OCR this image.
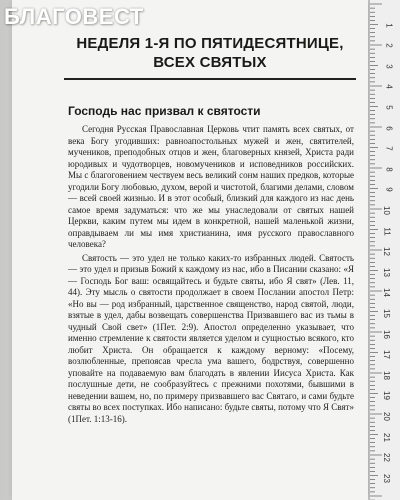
НЕДЕЛЯ 1-Я ПО ПЯТИДЕСЯТНИЦЕ,
ВСЕХ СВЯТЫХ
Господь нас призвал к святости

Сегодня Русская Православная Церковь чтит память всех святых, от века Богу угодивших: равноапостольных мужей и жен, святителей, мучеников, преподобных отцов и жен, благоверных князей, Христа ради юродивых и чудотворцев, новомучеников и исповедников российских. Мы с благоговением чествуем весь великий сонм наших предков, которые угодили Богу любовью, духом, верой и чистотой, благими делами, словом — всей своей жизнью. И в этот особый, близкий для каждого из нас день самое время задуматься: что же мы унаследовали от святых нашей Церкви, каким путем мы идем в конкретной, нашей маленькой жизни, оправдываем ли мы имя христианина, имя русского православного человека?

Святость — это удел не только каких-то избранных людей. Святость — это удел и призыв Божий к каждому из нас, ибо в Писании сказано: «Я — Господь Бог ваш: освящайтесь и будьте святы, ибо Я свят» (Лев. 11, 44). Эту мысль о святости продолжает в своем Послании апостол Петр: «Но вы — род избранный, царственное священство, народ святой, люди, взятые в удел, дабы возвещать совершенства Призвавшего вас из тьмы в чудный Свой свет» (1Пет. 2:9). Апостол определенно указывает, что именно стремление к святости является уделом и сущностью всякого, кто любит Христа. Он обращается к каждому верному: «Посему, возлюбленные, препоясав чресла ума вашего, бодрствуя, совершенно уповайте на подаваемую вам благодать в явлении Иисуса Христа. Как послушные дети, не сообразуйтесь с прежними похотями, бывшими в неведении вашем, но, по примеру призвавшего вас Святаго, и сами будьте святы во всех поступках. Ибо написано: будьте святы, потому что Я Свят» (1Пет. 1:13-16).

БЛАГОВЕСТ	1
2
3
4
5
6
7
8
9
10
11
12
13
14
15
16
17
18
19
20
21
22
23
